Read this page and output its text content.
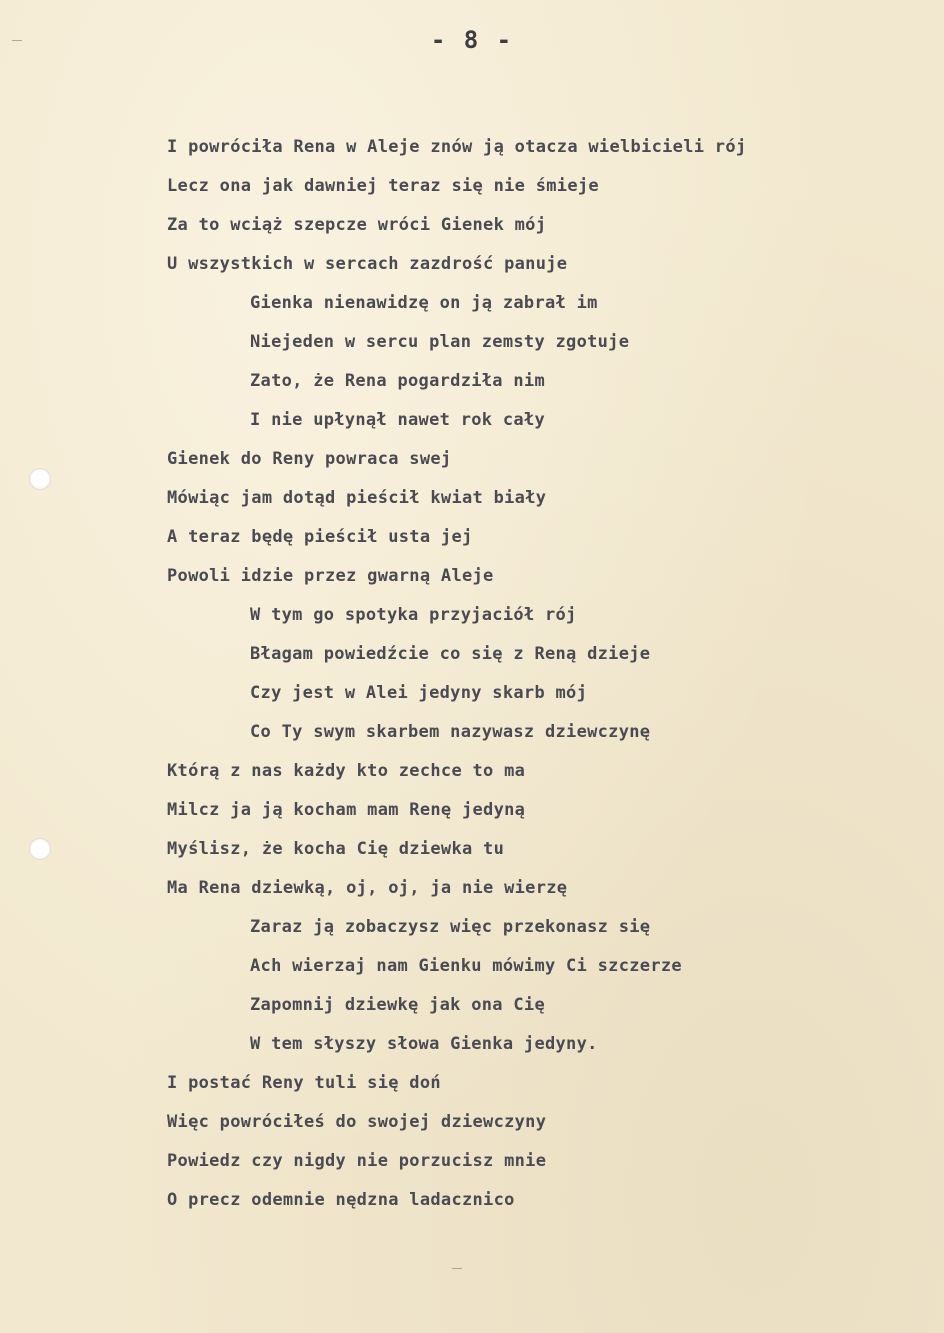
- 8 -
I powróciła Rena w Aleje znów ją otacza wielbicieli rój
Lecz ona jak dawniej teraz się nie śmieje
Za to wciąż szepcze wróci Gienek mój
U wszystkich w sercach zazdrość panuje
Gienka nienawidzę on ją zabrał im
Niejeden w sercu plan zemsty zgotuje
Zato, że Rena pogardziła nim
I nie upłynął nawet rok cały
Gienek do Reny powraca swej
Mówiąc jam dotąd pieścił kwiat biały
A teraz będę pieścił usta jej
Powoli idzie przez gwarną Aleje
W tym go spotyka przyjaciół rój
Błagam powiedźcie co się z Reną dzieje
Czy jest w Alei jedyny skarb mój
Co Ty swym skarbem nazywasz dziewczynę
Którą z nas każdy kto zechce to ma
Milcz ja ją kocham mam Renę jedyną
Myślisz, że kocha Cię dziewka tu
Ma Rena dziewką, oj, oj, ja nie wierzę
Zaraz ją zobaczysz więc przekonasz się
Ach wierzaj nam Gienku mówimy Ci szczerze
Zapomnij dziewkę jak ona Cię
W tem słyszy słowa Gienka jedyny.
I postać Reny tuli się doń
Więc powróciłeś do swojej dziewczyny
Powiedz czy nigdy nie porzucisz mnie
O precz odemnie nędzna ladacznico
